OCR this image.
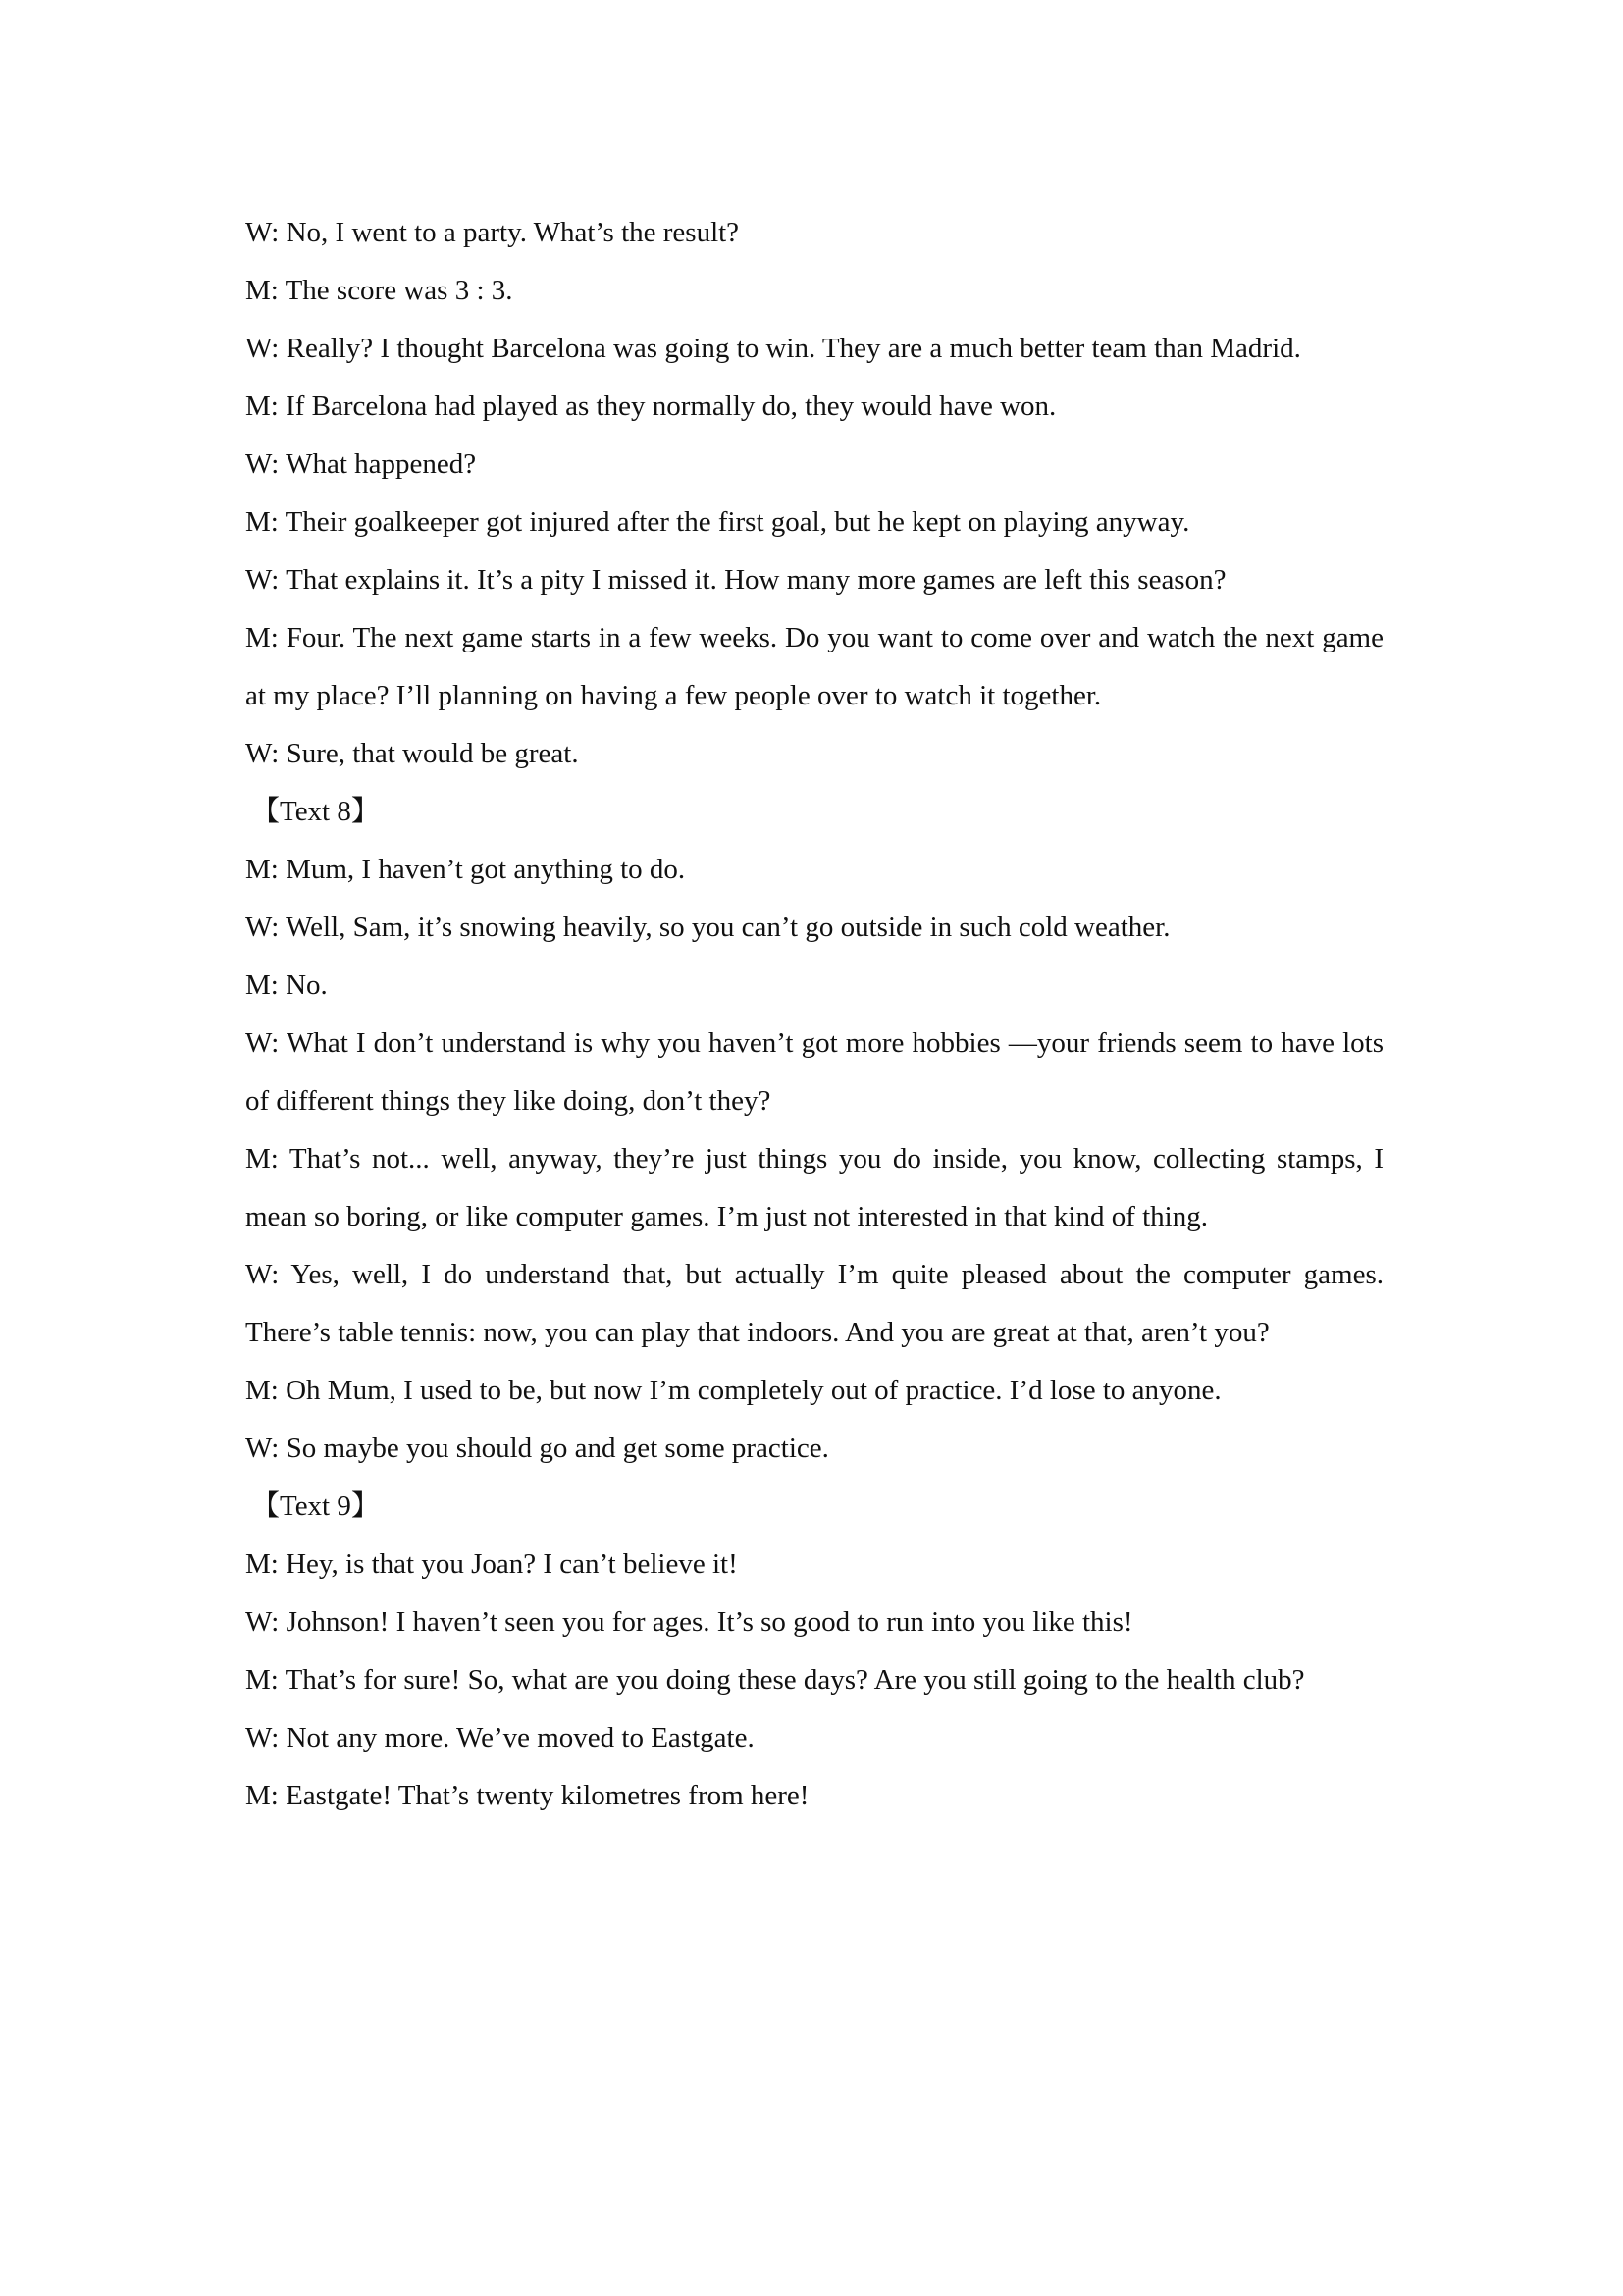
W: No, I went to a party. What’s the result?

M: The score was 3 : 3.

W: Really? I thought Barcelona was going to win. They are a much better team than Madrid.

M: If Barcelona had played as they normally do, they would have won.

W: What happened?

M: Their goalkeeper got injured after the first goal, but he kept on playing anyway.

W: That explains it. It’s a pity I missed it. How many more games are left this season?

M: Four. The next game starts in a few weeks. Do you want to come over and watch the next game at my place? I’ll planning on having a few people over to watch it together.

W: Sure, that would be great.

【Text 8】

M: Mum, I haven’t got anything to do.

W: Well, Sam, it’s snowing heavily, so you can’t go outside in such cold weather.

M: No.

W: What I don’t understand is why you haven’t got more hobbies —your friends seem to have lots of different things they like doing, don’t they?

M: That’s not... well, anyway, they’re just things you do inside, you know, collecting stamps, I mean so boring, or like computer games. I’m just not interested in that kind of thing.

W: Yes, well, I do understand that, but actually I’m quite pleased about the computer games. There’s table tennis: now, you can play that indoors. And you are great at that, aren’t you?

M: Oh Mum, I used to be, but now I’m completely out of practice. I’d lose to anyone.

W: So maybe you should go and get some practice.

【Text 9】

M: Hey, is that you Joan? I can’t believe it!

W: Johnson! I haven’t seen you for ages. It’s so good to run into you like this!

M: That’s for sure! So, what are you doing these days? Are you still going to the health club?

W: Not any more. We’ve moved to Eastgate.

M: Eastgate! That’s twenty kilometres from here!
